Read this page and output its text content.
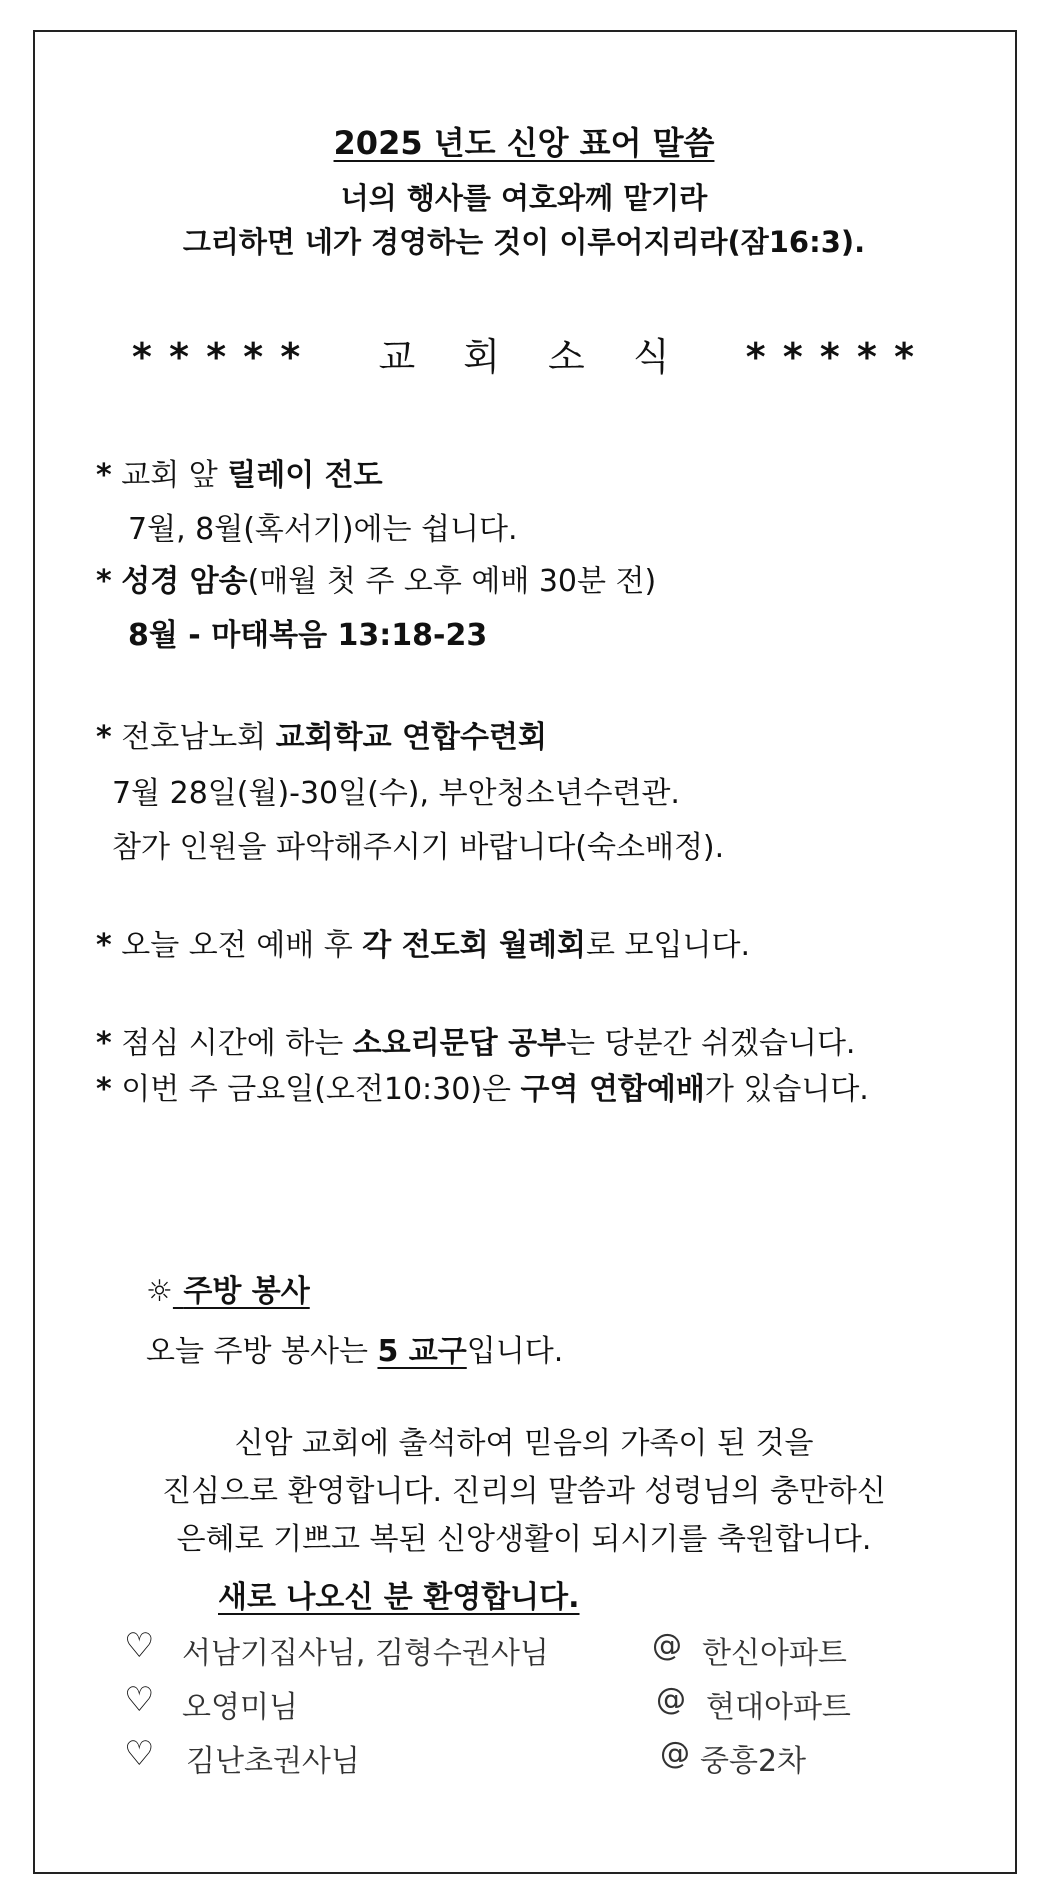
2025 년도 신앙 표어 말씀
너의 행사를 여호와께 맡기라
그리하면 네가 경영하는 것이 이루어지리라(잠16:3).
* * * * * 교 회 소 식 * * * * *
* 교회 앞 릴레이 전도
7월, 8월(혹서기)에는 쉽니다.
* 성경 암송(매월 첫 주 오후 예배 30분 전)
8월 - 마태복음 13:18-23
* 전호남노회 교회학교 연합수련회
7월 28일(월)-30일(수), 부안청소년수련관.
참가 인원을 파악해주시기 바랍니다(숙소배정).
* 오늘 오전 예배 후 각 전도회 월례회로 모입니다.
* 점심 시간에 하는 소요리문답 공부는 당분간 쉬겠습니다.
* 이번 주 금요일(오전10:30)은 구역 연합예배가 있습니다.
☼ 주방 봉사
오늘 주방 봉사는 5 교구입니다.
신암 교회에 출석하여 믿음의 가족이 된 것을
진심으로 환영합니다. 진리의 말씀과 성령님의 충만하신
은혜로 기쁘고 복된 신앙생활이 되시기를 축원합니다.
새로 나오신 분 환영합니다.
♡ 서남기집사님, 김형수권사님	@ 한신아파트
♡ 오영미님	@ 현대아파트
♡ 김난초권사님	@ 중흥2차
